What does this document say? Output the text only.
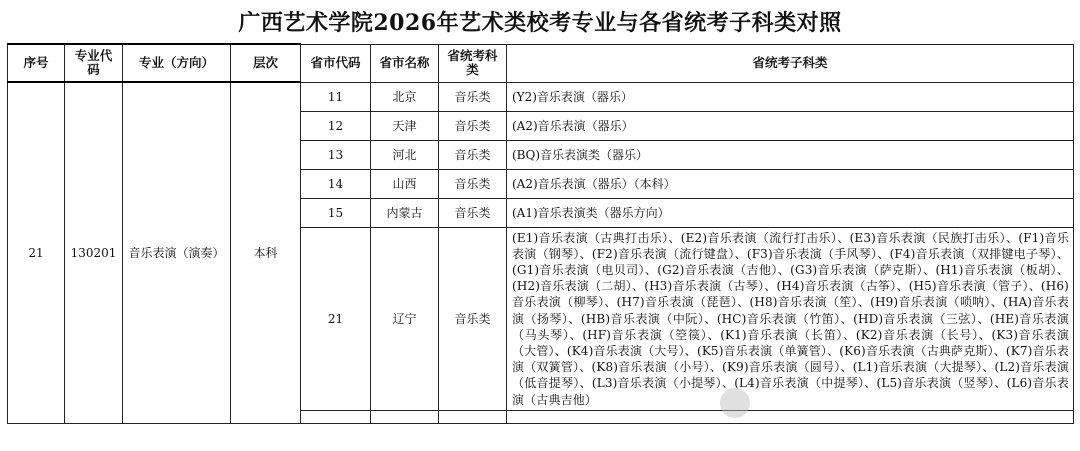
广西艺术学院2026年艺术类校考专业与各省统考子科类对照
序号	专业代码	专业（方向）	层次	省市代码	省市名称	省统考科类	省统考子科类
21	130201	音乐表演（演奏）	本科	11	北京	音乐类	(Y2)音乐表演（器乐）
				12	天津	音乐类	(A2)音乐表演（器乐）
				13	河北	音乐类	(BQ)音乐表演类（器乐）
				14	山西	音乐类	(A2)音乐表演（器乐）（本科）
				15	内蒙古	音乐类	(A1)音乐表演类（器乐方向）
				21	辽宁	音乐类	(E1)音乐表演（古典打击乐）、(E2)音乐表演（流行打击乐）、(E3)音乐表演（民族打击乐）、(F1)音乐表演（钢琴）、(F2)音乐表演（流行键盘）、(F3)音乐表演（手风琴）、(F4)音乐表演（双排键电子琴）、(G1)音乐表演（电贝司）、(G2)音乐表演（吉他）、(G3)音乐表演（萨克斯）、(H1)音乐表演（板胡）、(H2)音乐表演（二胡）、(H3)音乐表演（古琴）、(H4)音乐表演（古筝）、(H5)音乐表演（管子）、(H6)音乐表演（柳琴）、(H7)音乐表演（琵琶）、(H8)音乐表演（笙）、(H9)音乐表演（唢呐）、(HA)音乐表演（扬琴）、(HB)音乐表演（中阮）、(HC)音乐表演（竹笛）、(HD)音乐表演（三弦）、(HE)音乐表演（马头琴）、(HF)音乐表演（箜篌）、(K1)音乐表演（长笛）、(K2)音乐表演（长号）、(K3)音乐表演（大管）、(K4)音乐表演（大号）、(K5)音乐表演（单簧管）、(K6)音乐表演（古典萨克斯）、(K7)音乐表演（双簧管）、(K8)音乐表演（小号）、(K9)音乐表演（圆号）、(L1)音乐表演（大提琴）、(L2)音乐表演（低音提琴）、(L3)音乐表演（小提琴）、(L4)音乐表演（中提琴）、(L5)音乐表演（竖琴）、(L6)音乐表演（古典吉他）
